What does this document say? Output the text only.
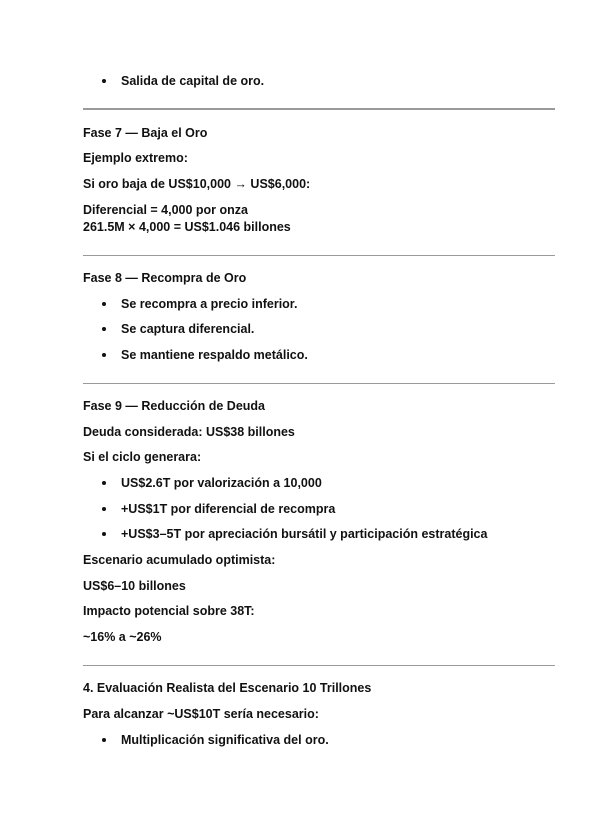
Salida de capital de oro.
Fase 7 — Baja el Oro
Ejemplo extremo:
Si oro baja de US$10,000 → US$6,000:
Diferencial = 4,000 por onza
261.5M × 4,000 = US$1.046 billones
Fase 8 — Recompra de Oro
Se recompra a precio inferior.
Se captura diferencial.
Se mantiene respaldo metálico.
Fase 9 — Reducción de Deuda
Deuda considerada: US$38 billones
Si el ciclo generara:
US$2.6T por valorización a 10,000
+US$1T por diferencial de recompra
+US$3–5T por apreciación bursátil y participación estratégica
Escenario acumulado optimista:
US$6–10 billones
Impacto potencial sobre 38T:
~16% a ~26%
4. Evaluación Realista del Escenario 10 Trillones
Para alcanzar ~US$10T sería necesario:
Multiplicación significativa del oro.
